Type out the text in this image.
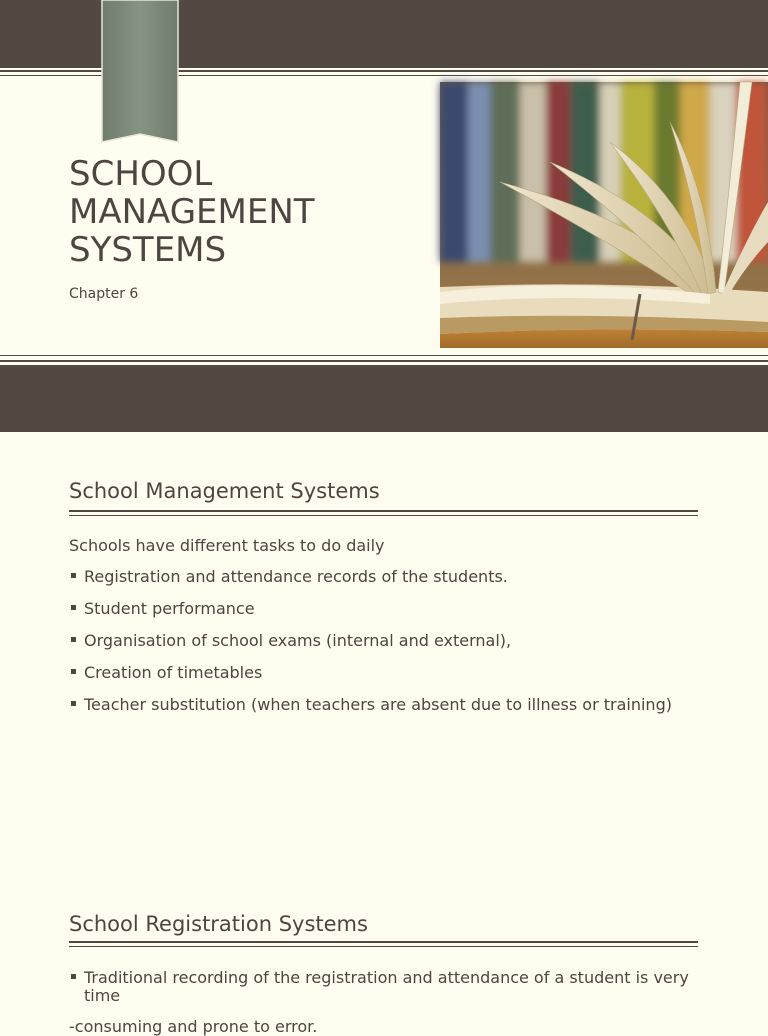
SCHOOL
MANAGEMENT
SYSTEMS
Chapter 6
School Management Systems
Schools have different tasks to do daily
Registration and attendance records of the students.
Student performance
Organisation of school exams (internal and external),
Creation of timetables
Teacher substitution (when teachers are absent due to illness or training)
School Registration Systems
Traditional recording of the registration and attendance of a student is very time
-consuming and prone to error.
